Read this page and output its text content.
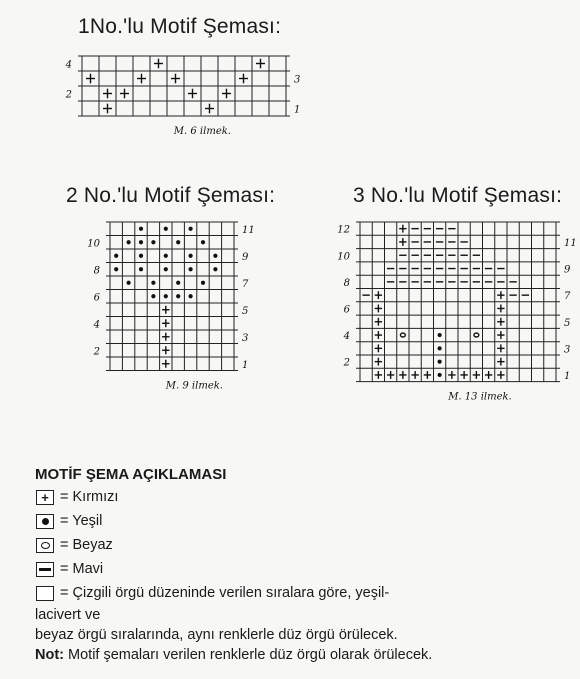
1No.'lu Motif Şeması:
2 No.'lu Motif Şeması:	3 No.'lu Motif Şeması:
2
4
1
3
M. 6 ilmek.
2
4
6
8
10
1
3
5
7
9
11
M. 9 ilmek.
2
4
6
8
10
12
1
3
5
7
9
11
M. 13 ilmek.
MOTİF ŞEMA AÇIKLAMASI
+ = Kırmızı
= Yeşil
= Beyaz
= Mavi
= Çizgili örgü düzeninde verilen sıralara göre, yeşil-
lacivert ve
beyaz örgü sıralarında, aynı renklerle düz örgü örülecek.
Not: Motif şemaları verilen renklerle düz örgü olarak örülecek.
